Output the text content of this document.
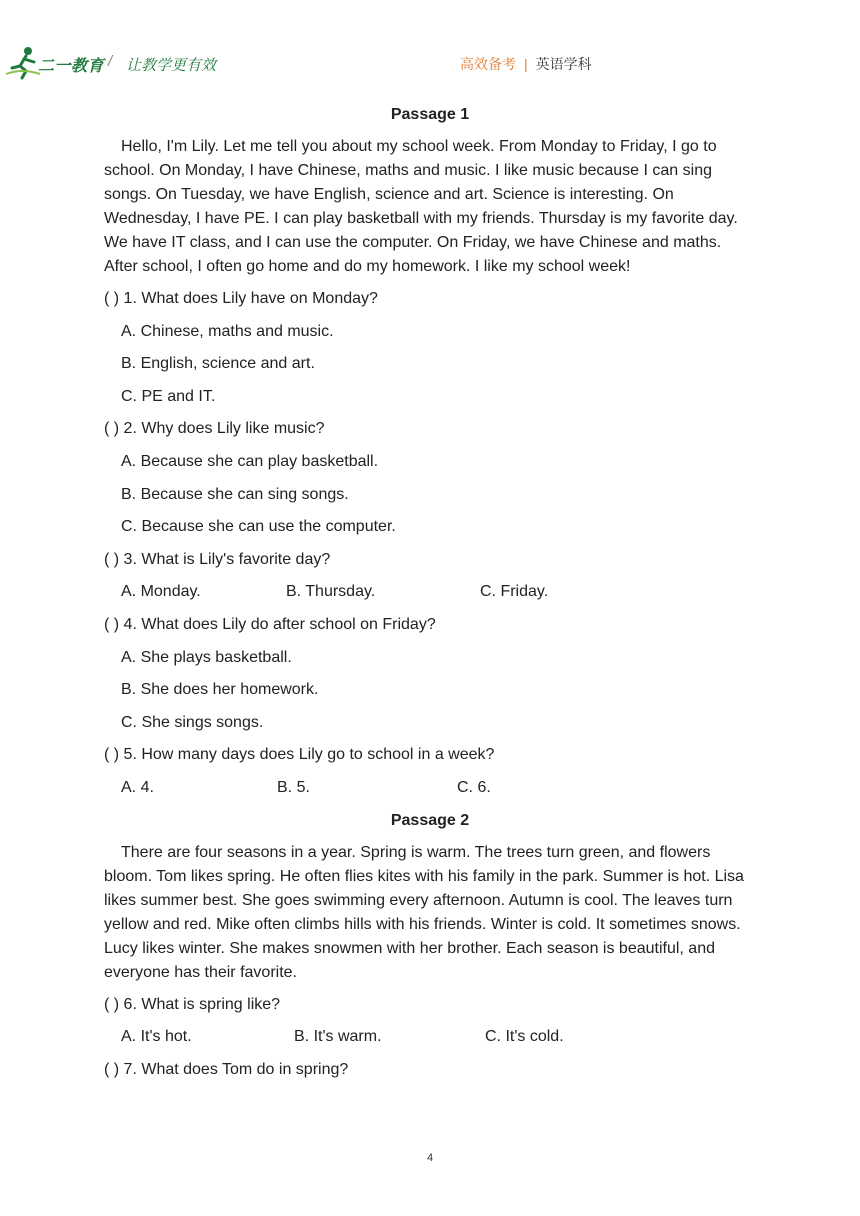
二一教育 / 让教学更有效	高效备考 | 英语学科
Passage 1
Hello, I'm Lily. Let me tell you about my school week. From Monday to Friday, I go to school. On Monday, I have Chinese, maths and music. I like music because I can sing songs. On Tuesday, we have English, science and art. Science is interesting. On Wednesday, I have PE. I can play basketball with my friends. Thursday is my favorite day. We have IT class, and I can use the computer. On Friday, we have Chinese and maths. After school, I often go home and do my homework. I like my school week!
( ) 1. What does Lily have on Monday?
A. Chinese, maths and music.
B. English, science and art.
C. PE and IT.
( ) 2. Why does Lily like music?
A. Because she can play basketball.
B. Because she can sing songs.
C. Because she can use the computer.
( ) 3. What is Lily's favorite day?
A. Monday.	B. Thursday.	C. Friday.
( ) 4. What does Lily do after school on Friday?
A. She plays basketball.
B. She does her homework.
C. She sings songs.
( ) 5. How many days does Lily go to school in a week?
A. 4.	B. 5.	C. 6.
Passage 2
There are four seasons in a year. Spring is warm. The trees turn green, and flowers bloom. Tom likes spring. He often flies kites with his family in the park. Summer is hot. Lisa likes summer best. She goes swimming every afternoon. Autumn is cool. The leaves turn yellow and red. Mike often climbs hills with his friends. Winter is cold. It sometimes snows. Lucy likes winter. She makes snowmen with her brother. Each season is beautiful, and everyone has their favorite.
( ) 6. What is spring like?
A. It's hot.	B. It's warm.	C. It's cold.
( ) 7. What does Tom do in spring?
4
